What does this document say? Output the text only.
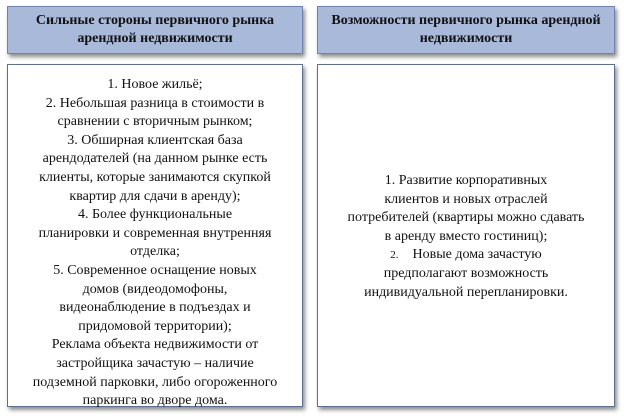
Сильные стороны первичного рынка арендной недвижимости
Возможности первичного рынка арендной недвижимости
1. Новое жильё;
2. Небольшая разница в стоимости в
сравнении с вторичным рынком;
3. Обширная клиентская база
арендодателей (на данном рынке есть
клиенты, которые занимаются скупкой
квартир для сдачи в аренду);
4. Более функциональные
планировки и современная внутренняя
отделка;
5. Современное оснащение новых
домов (видеодомофоны,
видеонаблюдение в подъездах и
придомовой территории);
Реклама объекта недвижимости от
застройщика зачастую – наличие
подземной парковки, либо огороженного
паркинга во дворе дома.
1. Развитие корпоративных
клиентов и новых отраслей
потребителей (квартиры можно сдавать
в аренду вместо гостиниц);
2. Новые дома зачастую
предполагают возможность
индивидуальной перепланировки.
